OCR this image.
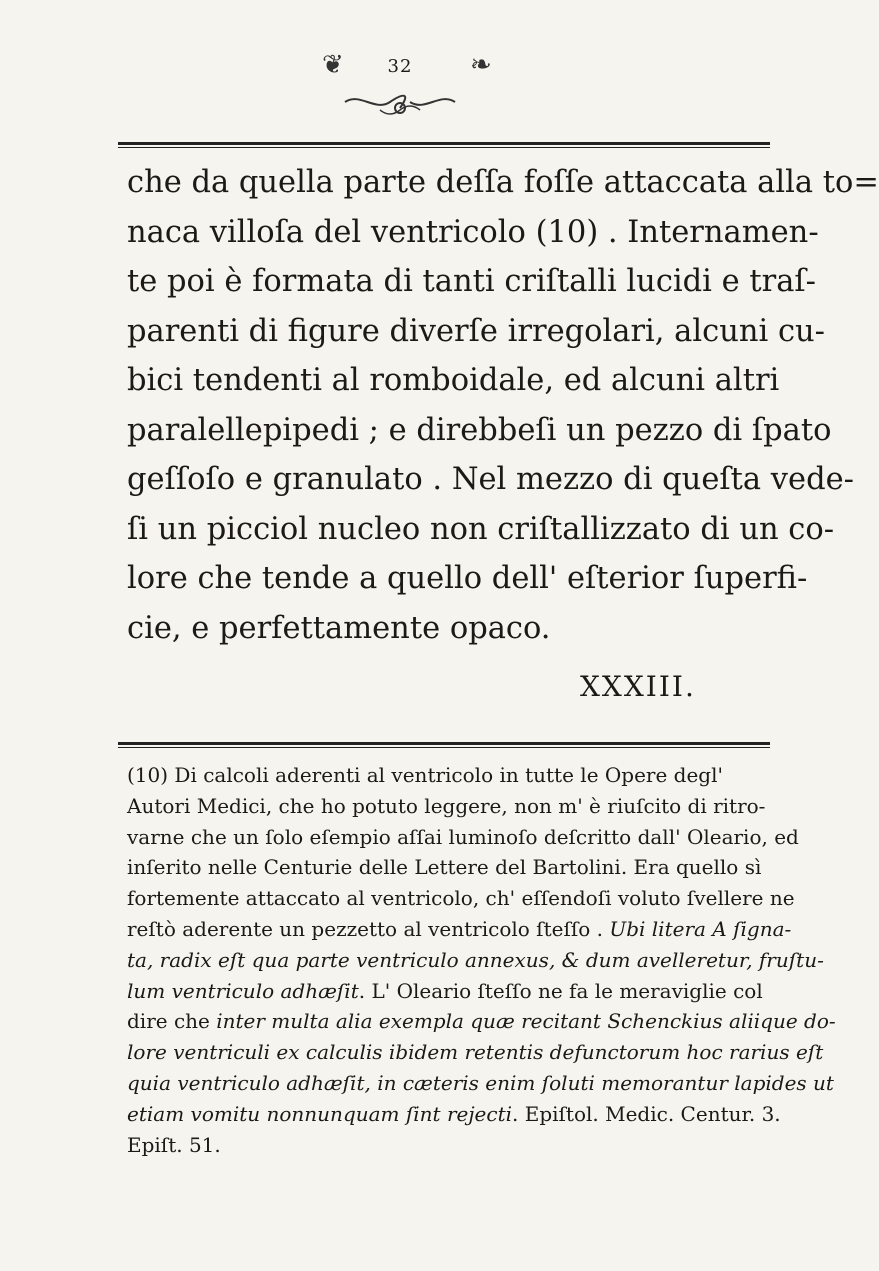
❦	32 ❧

che da quella parte deſſa foſſe attaccata alla to=
naca villoſa del ventricolo (10) . Internamen-
te poi è formata di tanti criſtalli lucidi e traſ-
parenti di figure diverſe irregolari, alcuni cu-
bici tendenti al romboidale, ed alcuni altri
paralellepipedi ; e direbbeſi un pezzo di ſpato
geſſoſo e granulato . Nel mezzo di queſta vede-
ſi un picciol nucleo non criſtallizzato di un co-
lore che tende a quello dell' eſterior ſuperfi-
cie, e perfettamente opaco.

XXXIII.

(10) Di calcoli aderenti al ventricolo in tutte le Opere degl'
Autori Medici, che ho potuto leggere, non m' è riuſcito di ritro-
varne che un ſolo eſempio aſſai luminoſo deſcritto dall' Oleario, ed
inſerito nelle Centurie delle Lettere del Bartolini. Era quello sì
fortemente attaccato al ventricolo, ch' eſſendoſi voluto ſvellere ne
reſtò aderente un pezzetto al ventricolo ſteſſo . Ubi litera A ſigna-
ta, radix eſt qua parte ventriculo annexus, & dum avelleretur, fruſtu-
lum ventriculo adhæſit. L' Oleario ſteſſo ne fa le meraviglie col
dire che inter multa alia exempla quæ recitant Schenckius aliique do-
lore ventriculi ex calculis ibidem retentis defunctorum hoc rarius eſt
quia ventriculo adhæſit, in cæteris enim ſoluti memorantur lapides ut
etiam vomitu nonnunquam ſint rejecti. Epiſtol. Medic. Centur. 3.
Epiſt. 51.
